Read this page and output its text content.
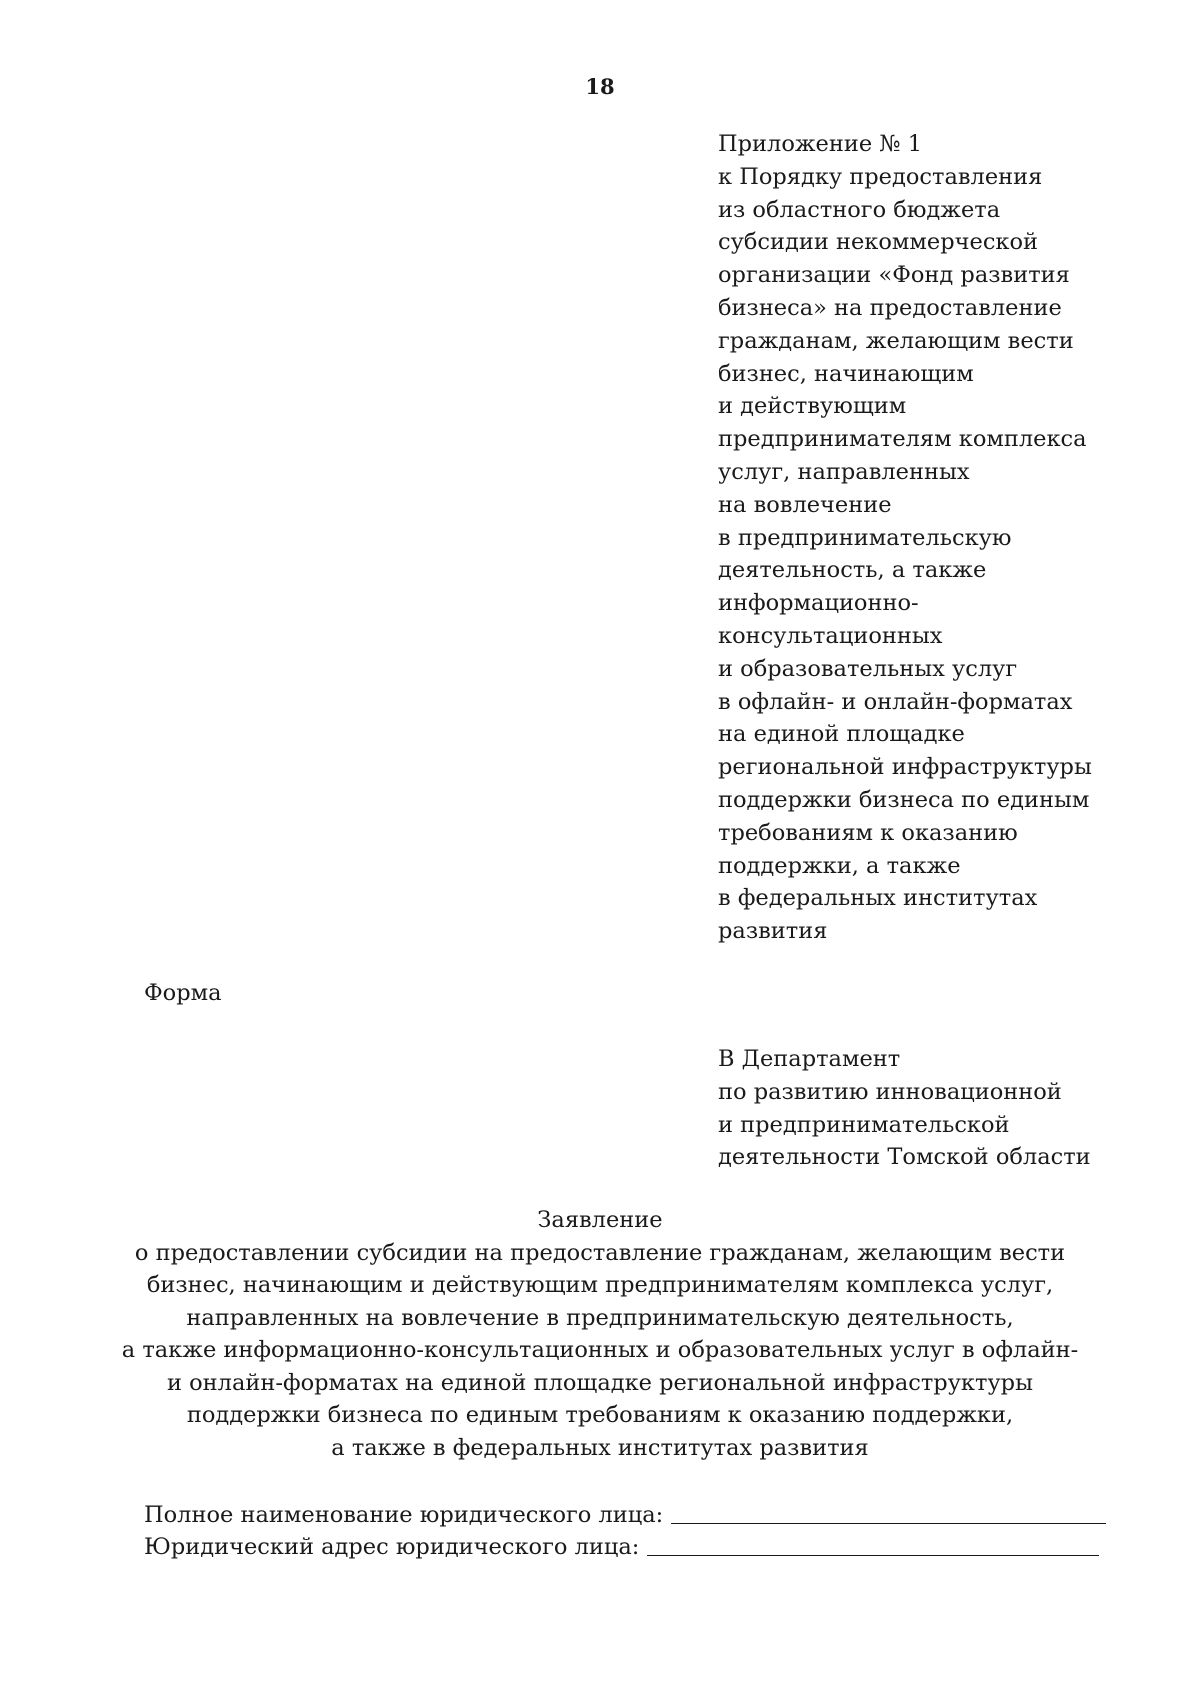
18
Приложение № 1
к Порядку предоставления
из областного бюджета
субсидии некоммерческой
организации «Фонд развития
бизнеса» на предоставление
гражданам, желающим вести
бизнес, начинающим
и действующим
предпринимателям комплекса
услуг, направленных
на вовлечение
в предпринимательскую
деятельность, а также
информационно-
консультационных
и образовательных услуг
в офлайн- и онлайн-форматах
на единой площадке
региональной инфраструктуры
поддержки бизнеса по единым
требованиям к оказанию
поддержки, а также
в федеральных институтах
развития
Форма
В Департамент
по развитию инновационной
и предпринимательской
деятельности Томской области
Заявление
о предоставлении субсидии на предоставление гражданам, желающим вести
бизнес, начинающим и действующим предпринимателям комплекса услуг,
направленных на вовлечение в предпринимательскую деятельность,
а также информационно-консультационных и образовательных услуг в офлайн-
и онлайн-форматах на единой площадке региональной инфраструктуры
поддержки бизнеса по единым требованиям к оказанию поддержки,
а также в федеральных институтах развития
Полное наименование юридического лица:
Юридический адрес юридического лица:
